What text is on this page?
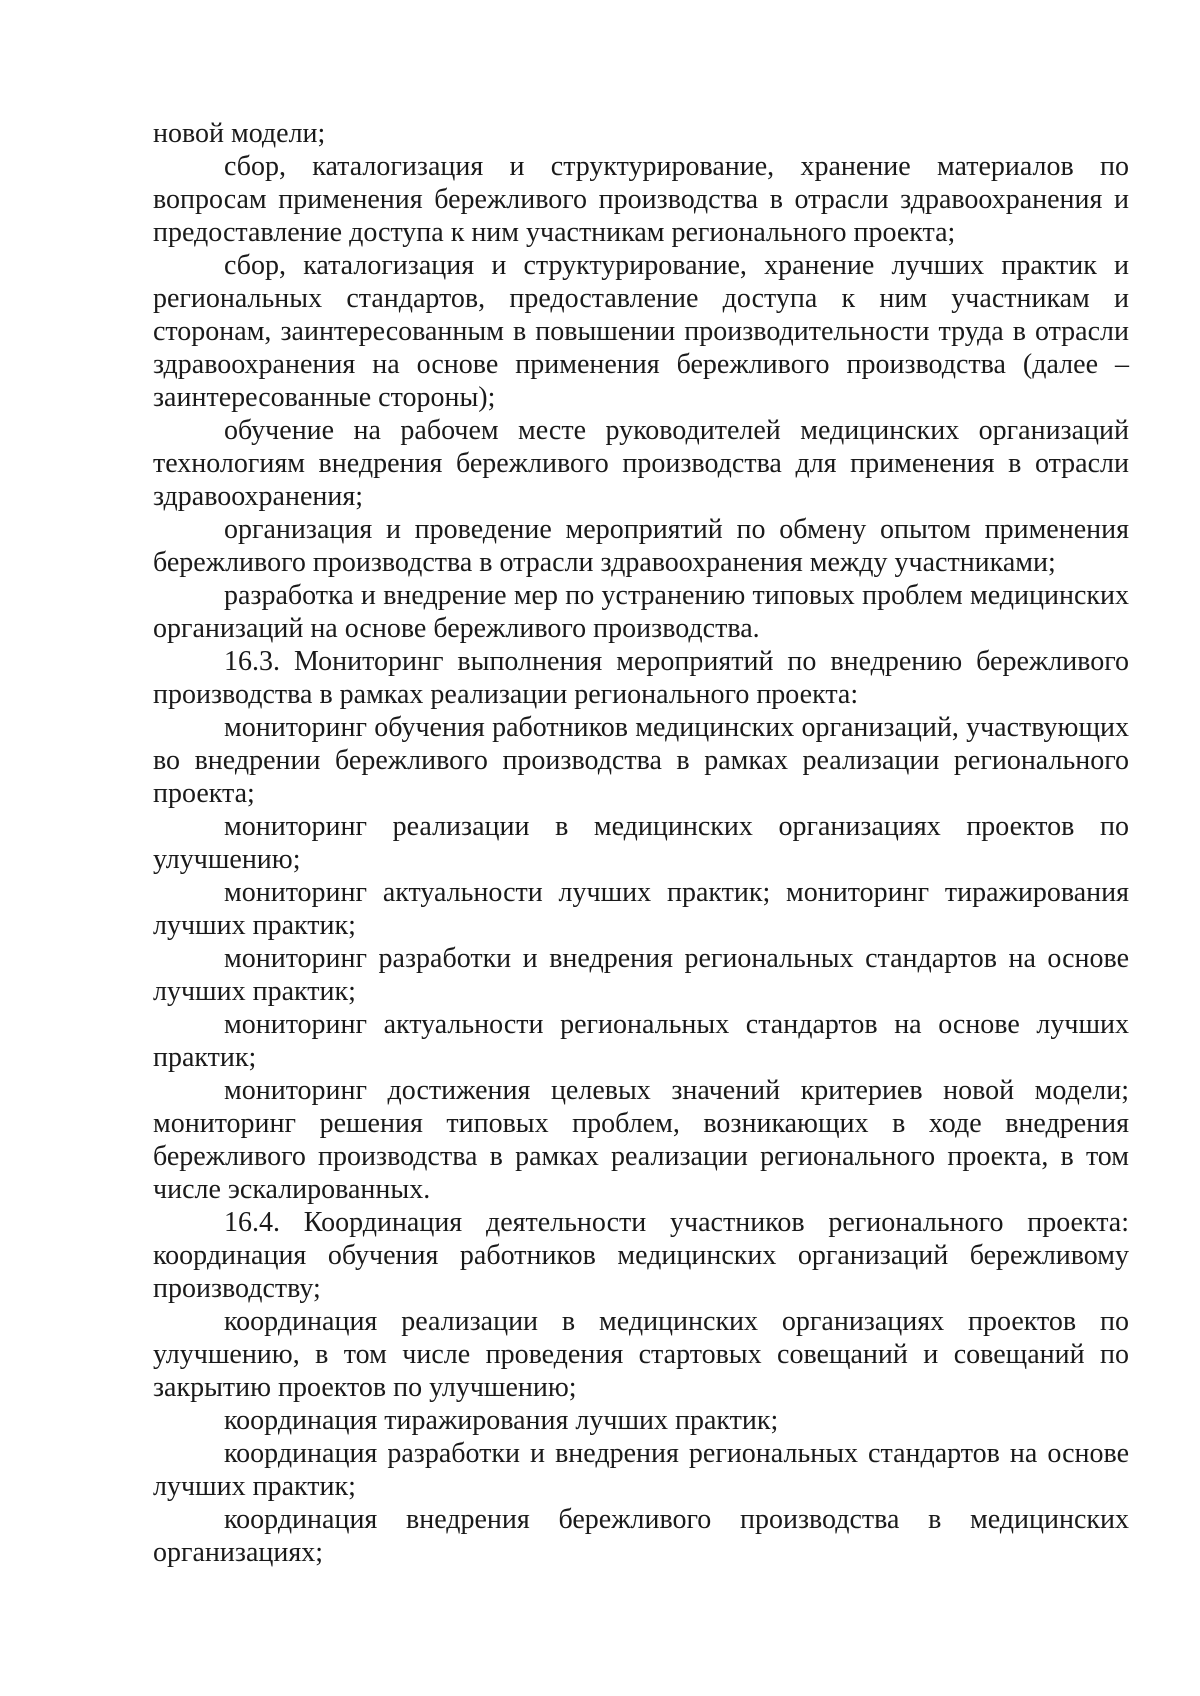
новой модели;

сбор, каталогизация и структурирование, хранение материалов по вопросам применения бережливого производства в отрасли здравоохранения и предоставление доступа к ним участникам регионального проекта;

сбор, каталогизация и структурирование, хранение лучших практик и региональных стандартов, предоставление доступа к ним участникам и сторонам, заинтересованным в повышении производительности труда в отрасли здравоохранения на основе применения бережливого производства (далее – заинтересованные стороны);

обучение на рабочем месте руководителей медицинских организаций технологиям внедрения бережливого производства для применения в отрасли здравоохранения;

организация и проведение мероприятий по обмену опытом применения бережливого производства в отрасли здравоохранения между участниками;

разработка и внедрение мер по устранению типовых проблем медицинских организаций на основе бережливого производства.

16.3. Мониторинг выполнения мероприятий по внедрению бережливого производства в рамках реализации регионального проекта:

мониторинг обучения работников медицинских организаций, участвующих во внедрении бережливого производства в рамках реализации регионального проекта;

мониторинг реализации в медицинских организациях проектов по улучшению;

мониторинг актуальности лучших практик; мониторинг тиражирования лучших практик;

мониторинг разработки и внедрения региональных стандартов на основе лучших практик;

мониторинг актуальности региональных стандартов на основе лучших практик;

мониторинг достижения целевых значений критериев новой модели; мониторинг решения типовых проблем, возникающих в ходе внедрения бережливого производства в рамках реализации регионального проекта, в том числе эскалированных.

16.4. Координация деятельности участников регионального проекта: координация обучения работников медицинских организаций бережливому производству;

координация реализации в медицинских организациях проектов по улучшению, в том числе проведения стартовых совещаний и совещаний по закрытию проектов по улучшению;

координация тиражирования лучших практик;

координация разработки и внедрения региональных стандартов на основе лучших практик;

координация внедрения бережливого производства в медицинских организациях;
